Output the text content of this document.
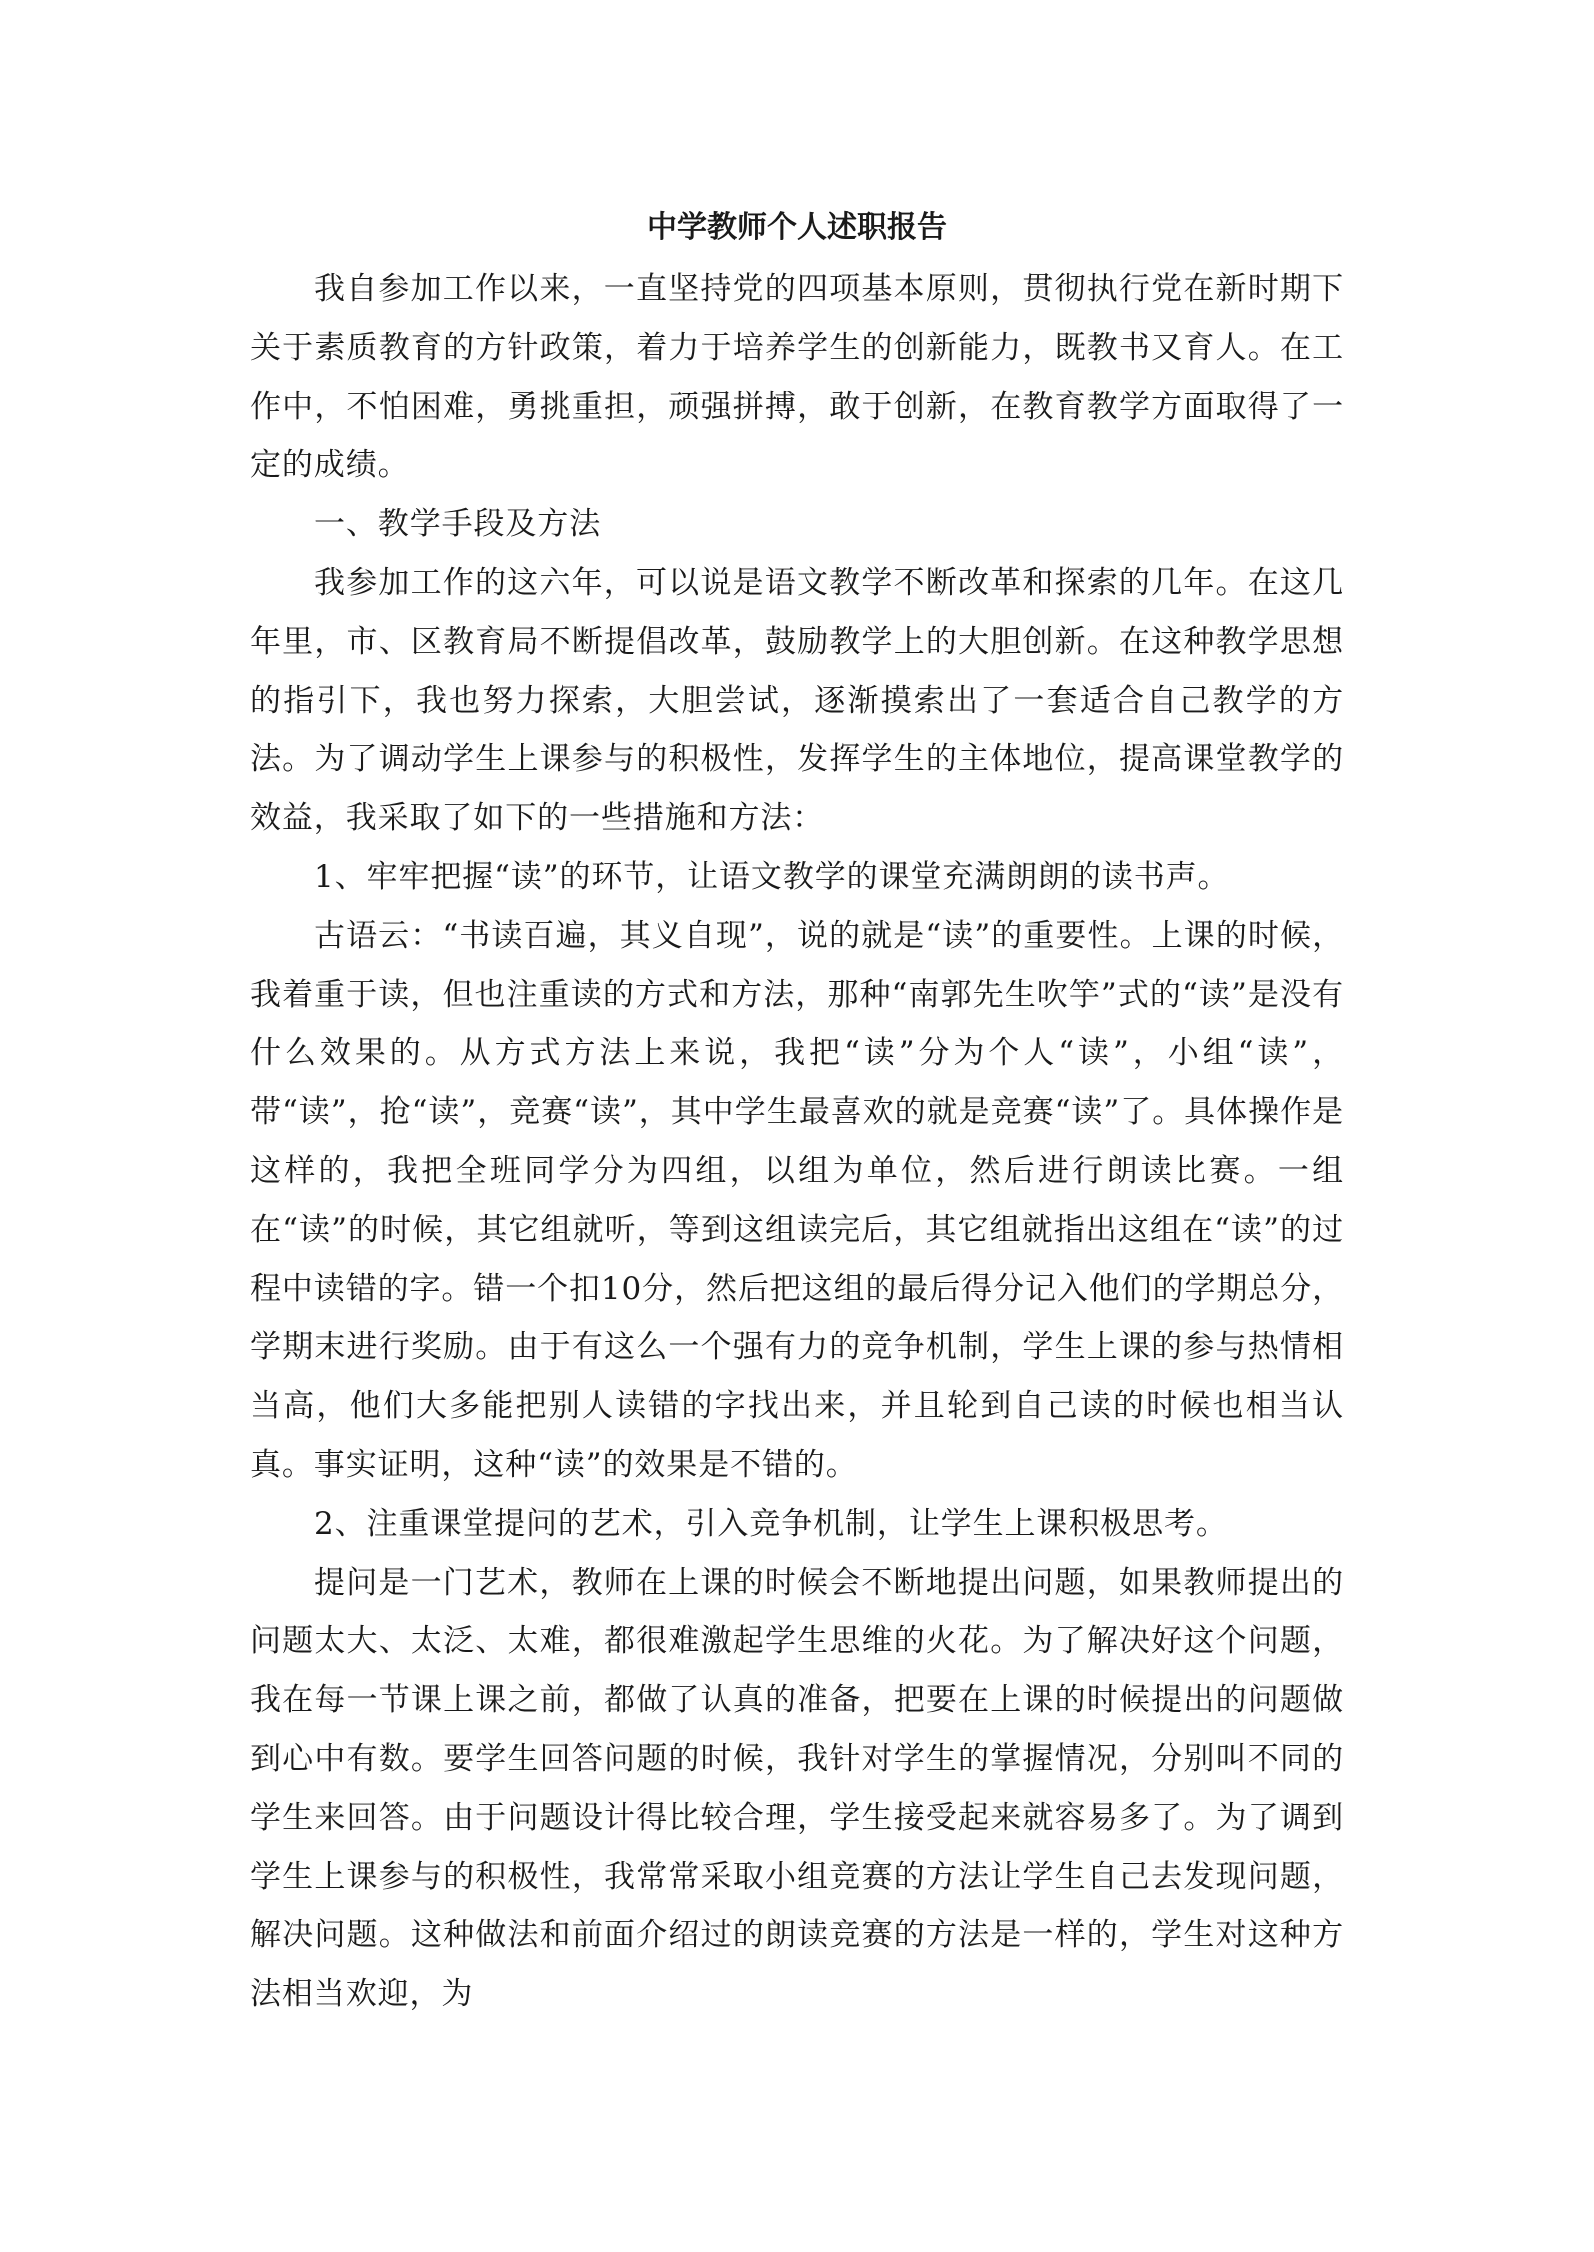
中学教师个人述职报告

我自参加工作以来，一直坚持党的四项基本原则，贯彻执行党在新时期下关于素质教育的方针政策，着力于培养学生的创新能力，既教书又育人。在工作中，不怕困难，勇挑重担，顽强拼搏，敢于创新，在教育教学方面取得了一定的成绩。

一、教学手段及方法

我参加工作的这六年，可以说是语文教学不断改革和探索的几年。在这几年里，市、区教育局不断提倡改革，鼓励教学上的大胆创新。在这种教学思想的指引下，我也努力探索，大胆尝试，逐渐摸索出了一套适合自己教学的方法。为了调动学生上课参与的积极性，发挥学生的主体地位，提高课堂教学的效益，我采取了如下的一些措施和方法：

1、牢牢把握“读”的环节，让语文教学的课堂充满朗朗的读书声。

古语云：“书读百遍，其义自现”，说的就是“读”的重要性。上课的时候，我着重于读，但也注重读的方式和方法，那种“南郭先生吹竽”式的“读”是没有什么效果的。从方式方法上来说，我把“读”分为个人“读”，小组“读”，带“读”，抢“读”，竞赛“读”，其中学生最喜欢的就是竞赛“读”了。具体操作是这样的，我把全班同学分为四组，以组为单位，然后进行朗读比赛。一组在“读”的时候，其它组就听，等到这组读完后，其它组就指出这组在“读”的过程中读错的字。错一个扣10分，然后把这组的最后得分记入他们的学期总分，学期末进行奖励。由于有这么一个强有力的竞争机制，学生上课的参与热情相当高，他们大多能把别人读错的字找出来，并且轮到自己读的时候也相当认真。事实证明，这种“读”的效果是不错的。

2、注重课堂提问的艺术，引入竞争机制，让学生上课积极思考。

提问是一门艺术，教师在上课的时候会不断地提出问题，如果教师提出的问题太大、太泛、太难，都很难激起学生思维的火花。为了解决好这个问题，我在每一节课上课之前，都做了认真的准备，把要在上课的时候提出的问题做到心中有数。要学生回答问题的时候，我针对学生的掌握情况，分别叫不同的学生来回答。由于问题设计得比较合理，学生接受起来就容易多了。为了调到学生上课参与的积极性，我常常采取小组竞赛的方法让学生自己去发现问题，解决问题。这种做法和前面介绍过的朗读竞赛的方法是一样的，学生对这种方法相当欢迎，为
